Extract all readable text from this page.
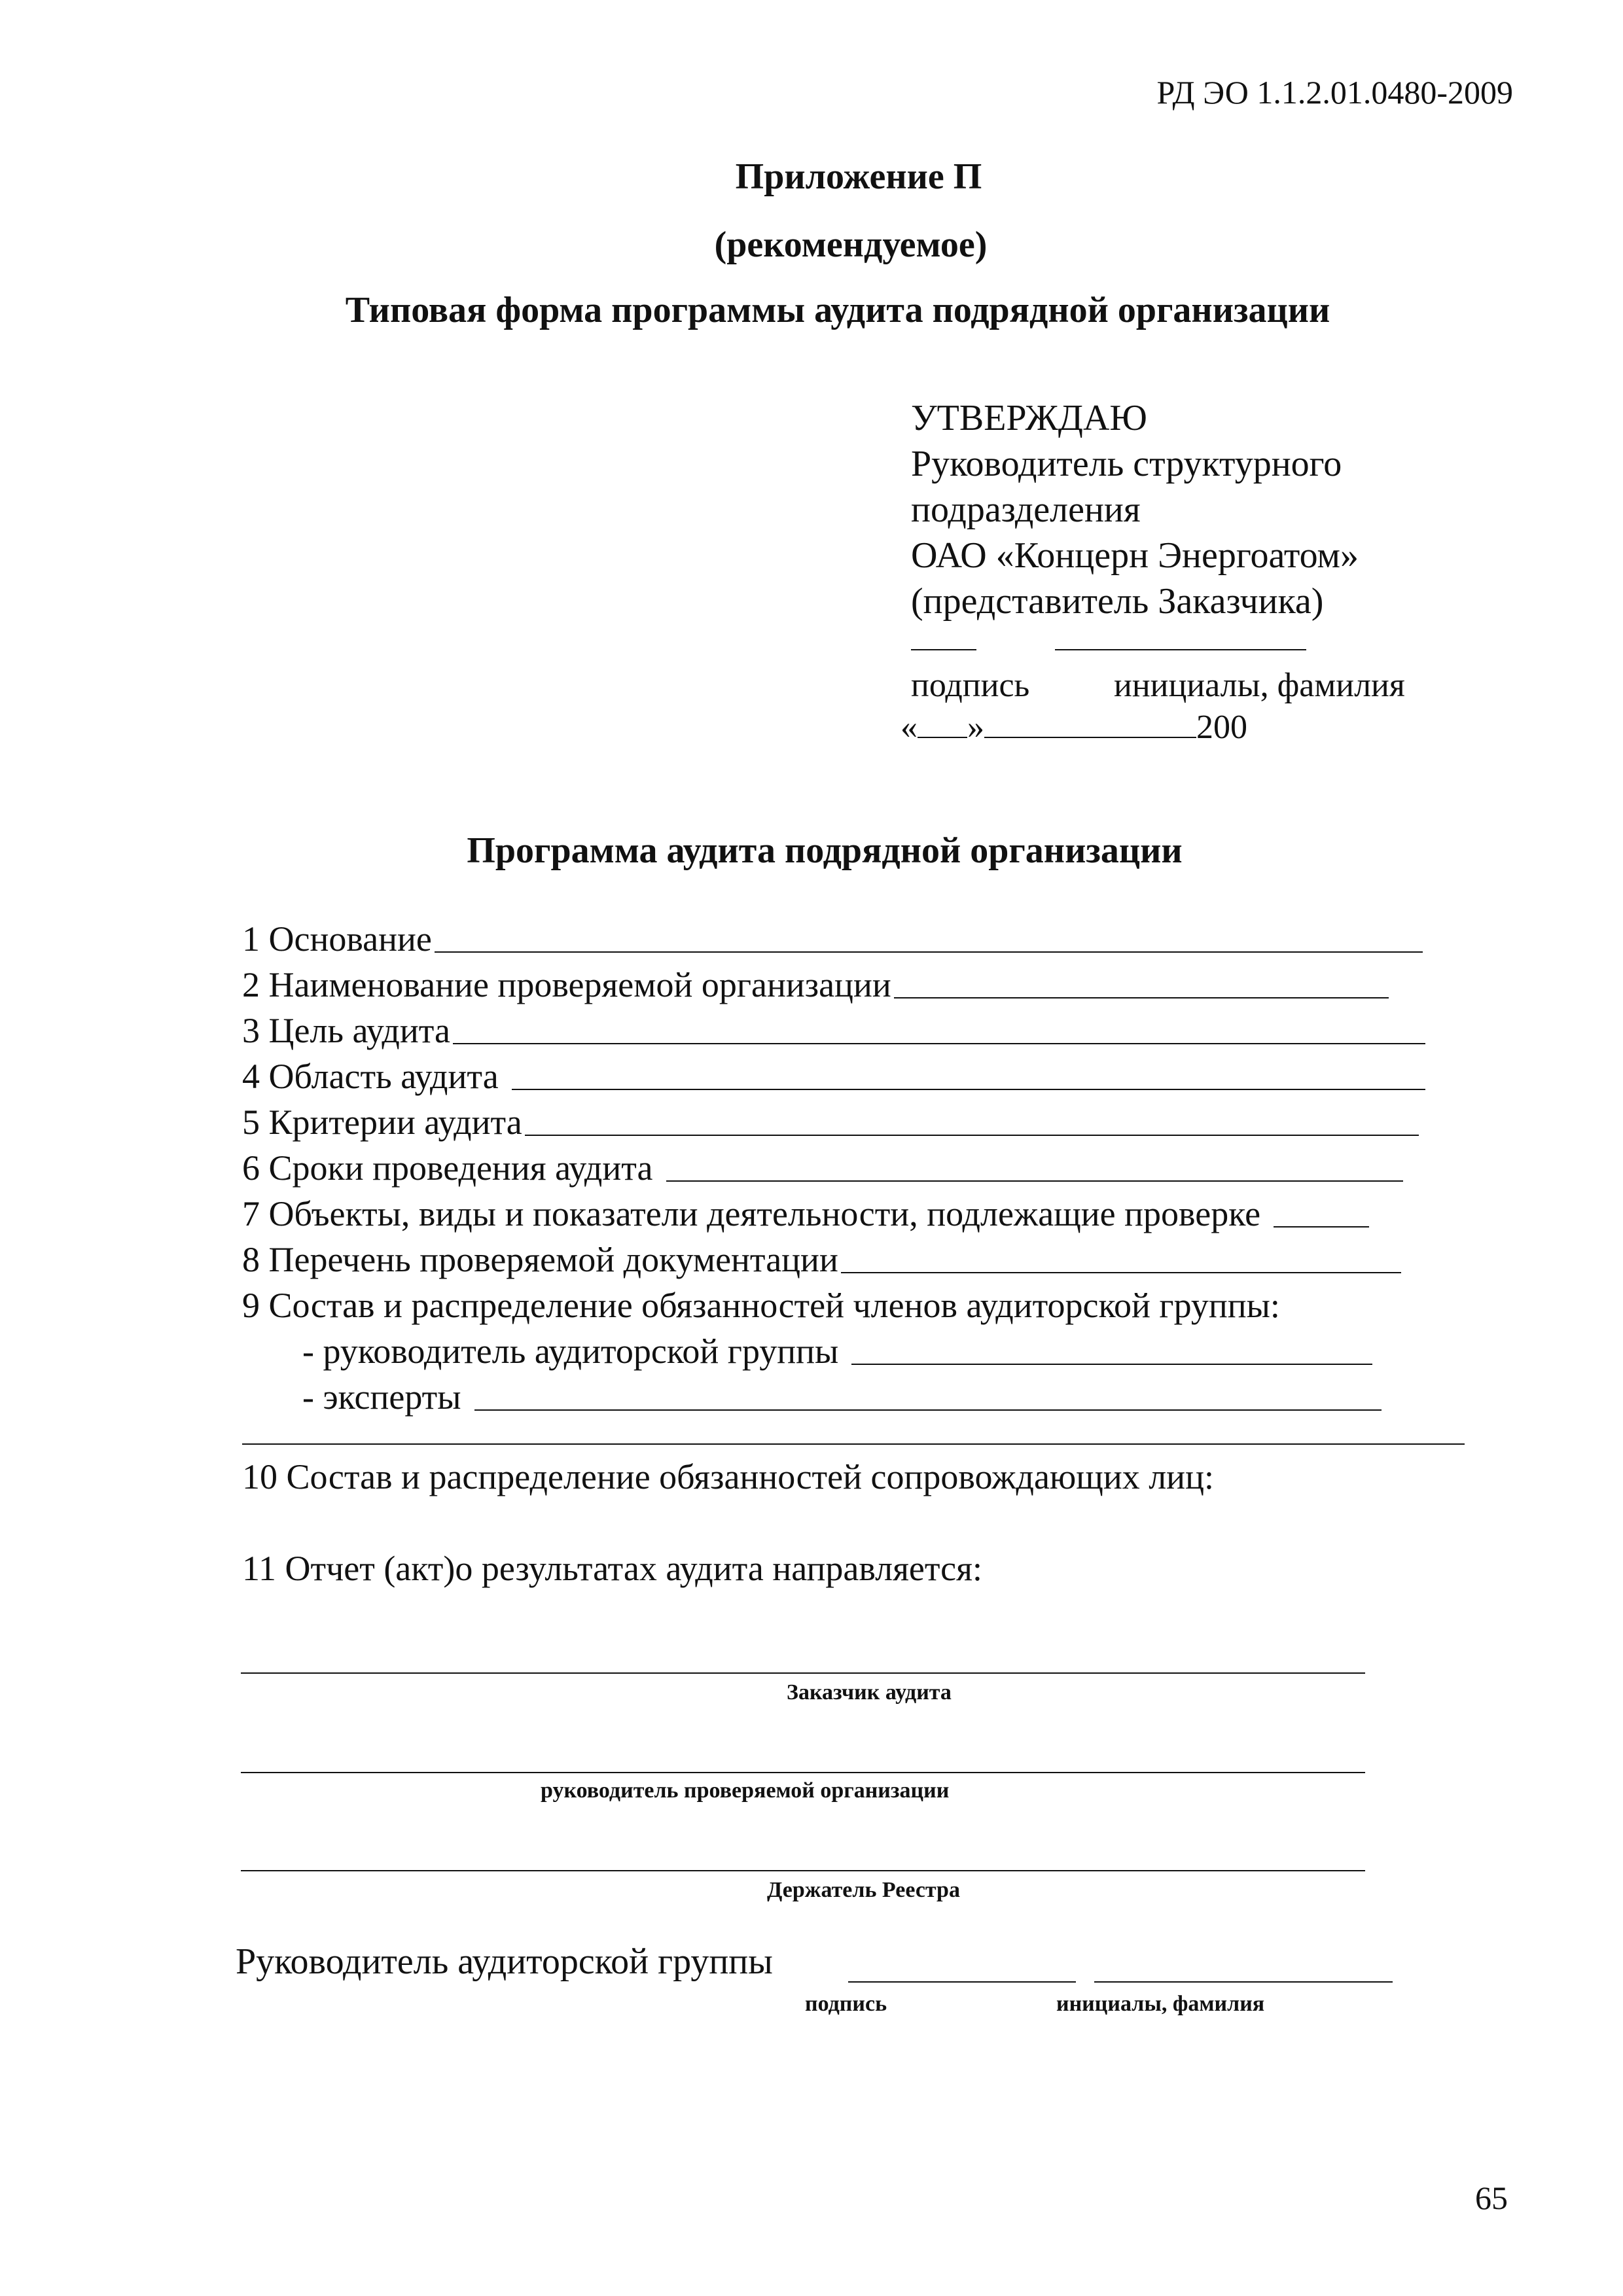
РД ЭО 1.1.2.01.0480-2009
Приложение П
(рекомендуемое)
Типовая форма программы аудита подрядной организации
УТВЕРЖДАЮ
Руководитель структурного
подразделения
ОАО «Концерн Энергоатом»
(представитель Заказчика)
подпись инициалы, фамилия
« »	200
Программа аудита подрядной организации
1 Основание
2 Наименование проверяемой организации
3 Цель аудита
4 Область аудита
5 Критерии аудита
6 Сроки проведения аудита
7 Объекты, виды и показатели деятельности, подлежащие проверке
8 Перечень проверяемой документации
9 Состав и распределение обязанностей членов аудиторской группы:
- руководитель аудиторской группы
- эксперты
10 Состав и распределение обязанностей сопровождающих лиц:
11 Отчет (акт)о результатах аудита направляется:
Заказчик аудита
руководитель проверяемой организации
Держатель Реестра
Руководитель аудиторской группы
подпись	инициалы, фамилия
65
